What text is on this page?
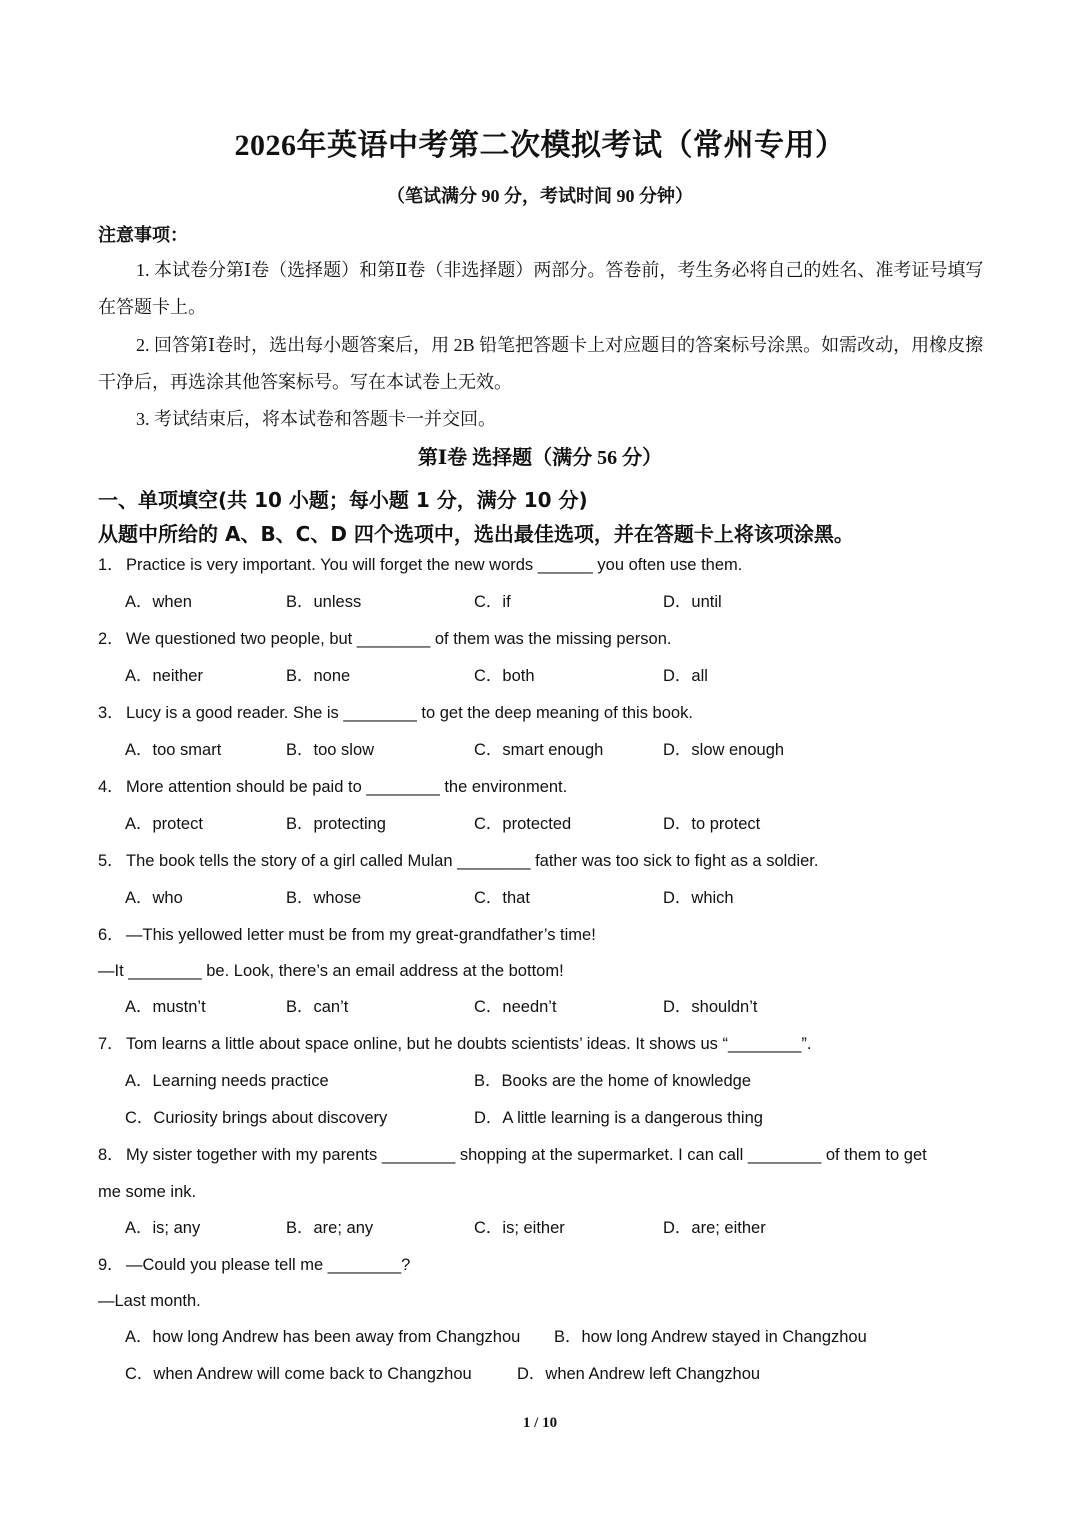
2026年英语中考第二次模拟考试（常州专用）
（笔试满分 90 分，考试时间 90 分钟）
注意事项：
1. 本试卷分第Ⅰ卷（选择题）和第Ⅱ卷（非选择题）两部分。答卷前，考生务必将自己的姓名、准考证号填写在答题卡上。
2. 回答第Ⅰ卷时，选出每小题答案后，用 2B 铅笔把答题卡上对应题目的答案标号涂黑。如需改动，用橡皮擦干净后，再选涂其他答案标号。写在本试卷上无效。
3. 考试结束后，将本试卷和答题卡一并交回。
第Ⅰ卷 选择题（满分 56 分）
一、单项填空(共 10 小题；每小题 1 分，满分 10 分)
从题中所给的 A、B、C、D 四个选项中，选出最佳选项，并在答题卡上将该项涂黑。
1． Practice is very important. You will forget the new words ______ you often use them.
A．when	B．unless	C．if	D．until
2． We questioned two people, but ________ of them was the missing person.
A．neither	B．none	C．both	D．all
3． Lucy is a good reader. She is ________ to get the deep meaning of this book.
A．too smart	B．too slow	C．smart enough	D．slow enough
4． More attention should be paid to ________ the environment.
A．protect	B．protecting	C．protected	D．to protect
5． The book tells the story of a girl called Mulan ________ father was too sick to fight as a soldier.
A．who	B．whose	C．that	D．which
6． —This yellowed letter must be from my great-grandfather’s time!
—It ________ be. Look, there’s an email address at the bottom!
A．mustn’t	B．can’t	C．needn’t	D．shouldn’t
7． Tom learns a little about space online, but he doubts scientists’ ideas. It shows us “________”.
A．Learning needs practice	B．Books are the home of knowledge
C．Curiosity brings about discovery	D．A little learning is a dangerous thing
8． My sister together with my parents ________ shopping at the supermarket. I can call ________ of them to get
me some ink.
A．is; any	B．are; any	C．is; either	D．are; either
9． —Could you please tell me ________?
—Last month.
A．how long Andrew has been away from Changzhou B．how long Andrew stayed in Changzhou
C．when Andrew will come back to Changzhou	D．when Andrew left Changzhou
1 / 10
